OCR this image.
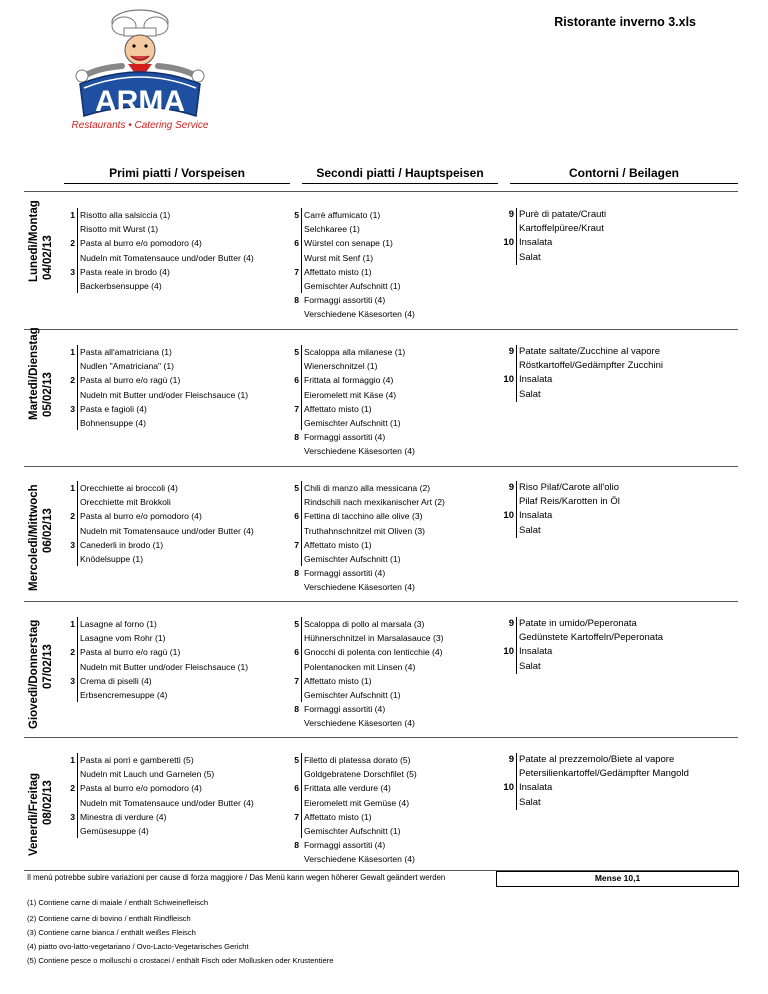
Ristorante inverno 3.xls
ARMA
Restaurants • Catering Service
Primi piatti / Vorspeisen	Secondi piatti / Hauptspeisen	Contorni / Beilagen
Lunedì/Montag 04/02/13
1 Risotto alla salsiccia (1)
Risotto mit Wurst (1)
2 Pasta al burro e/o pomodoro (4)
Nudeln mit Tomatensauce und/oder Butter (4)
3 Pasta reale in brodo (4)
Backerbsensuppe (4)
5 Carrè affumicato (1)
Selchkaree (1)
6 Würstel con senape (1)
Wurst mit Senf (1)
7 Affettato misto (1)
Gemischter Aufschnitt (1)
8 Formaggi assortiti (4)
Verschiedene Käsesorten (4)
9 Purè di patate/Crauti
Kartoffelpüree/Kraut
10 Insalata
Salat
Martedì/Dienstag 05/02/13
1 Pasta all'amatriciana (1)
Nudlen "Amatriciana" (1)
2 Pasta al burro e/o ragù (1)
Nudeln mit Butter und/oder Fleischsauce (1)
3 Pasta e fagioli (4)
Bohnensuppe (4)
5 Scaloppa alla milanese (1)
Wienerschnitzel (1)
6 Frittata al formaggio (4)
Eieromelett mit Käse (4)
7 Affettato misto (1)
Gemischter Aufschnitt (1)
8 Formaggi assortiti (4)
Verschiedene Käsesorten (4)
9 Patate saltate/Zucchine al vapore
Röstkartoffel/Gedämpfter Zucchini
10 Insalata
Salat
Mercoledì/Mittwoch 06/02/13
1 Orecchiette ai broccoli (4)
Orecchiette mit Brokkoli
2 Pasta al burro e/o pomodoro (4)
Nudeln mit Tomatensauce und/oder Butter (4)
3 Canederli in brodo (1)
Knödelsuppe (1)
5 Chili di manzo alla messicana (2)
Rindschili nach mexikanischer Art (2)
6 Fettina di tacchino alle olive (3)
Truthahnschnitzel mit Oliven (3)
7 Affettato misto (1)
Gemischter Aufschnitt (1)
8 Formaggi assortiti (4)
Verschiedene Käsesorten (4)
9 Riso Pilaf/Carote all'olio
Pilaf Reis/Karotten in Öl
10 Insalata
Salat
Giovedì/Donnerstag 07/02/13
1 Lasagne al forno (1)
Lasagne vom Rohr (1)
2 Pasta al burro e/o ragù (1)
Nudeln mit Butter und/oder Fleischsauce (1)
3 Crema di piselli (4)
Erbsencremesuppe (4)
5 Scaloppa di pollo al marsala (3)
Hühnerschnitzel in Marsalasauce (3)
6 Gnocchi di polenta con lenticchie (4)
Polentanocken mit Linsen (4)
7 Affettato misto (1)
Gemischter Aufschnitt (1)
8 Formaggi assortiti (4)
Verschiedene Käsesorten (4)
9 Patate in umido/Peperonata
Gedünstete Kartoffeln/Peperonata
10 Insalata
Salat
Venerdì/Freitag 08/02/13
1 Pasta ai porri e gamberetti (5)
Nudeln mit Lauch und Garnelen (5)
2 Pasta al burro e/o pomodoro (4)
Nudeln mit Tomatensauce und/oder Butter (4)
3 Minestra di verdure (4)
Gemüsesuppe (4)
5 Filetto di platessa dorato (5)
Goldgebratene Dorschfilet (5)
6 Frittata alle verdure (4)
Eieromelett mit Gemüse (4)
7 Affettato misto (1)
Gemischter Aufschnitt (1)
8 Formaggi assortiti (4)
Verschiedene Käsesorten (4)
9 Patate al prezzemolo/Biete al vapore
Petersilienkartoffel/Gedämpfter Mangold
10 Insalata
Salat
Il menù potrebbe subire variazioni per cause di forza maggiore / Das Menü kann wegen höherer Gewalt geändert werden
(1) Contiene carne di maiale / enthält Schweinefleisch
(2) Contiene carne di bovino / enthält Rindfleisch
(3) Contiene carne bianca / enthält weißes Fleisch
(4) piatto ovo-latto-vegetariano / Ovo-Lacto-Vegetarisches Gericht
(5) Contiene pesce o molluschi o crostacei / enthält Fisch oder Mollusken oder Krustentiere
Mense 10,1
